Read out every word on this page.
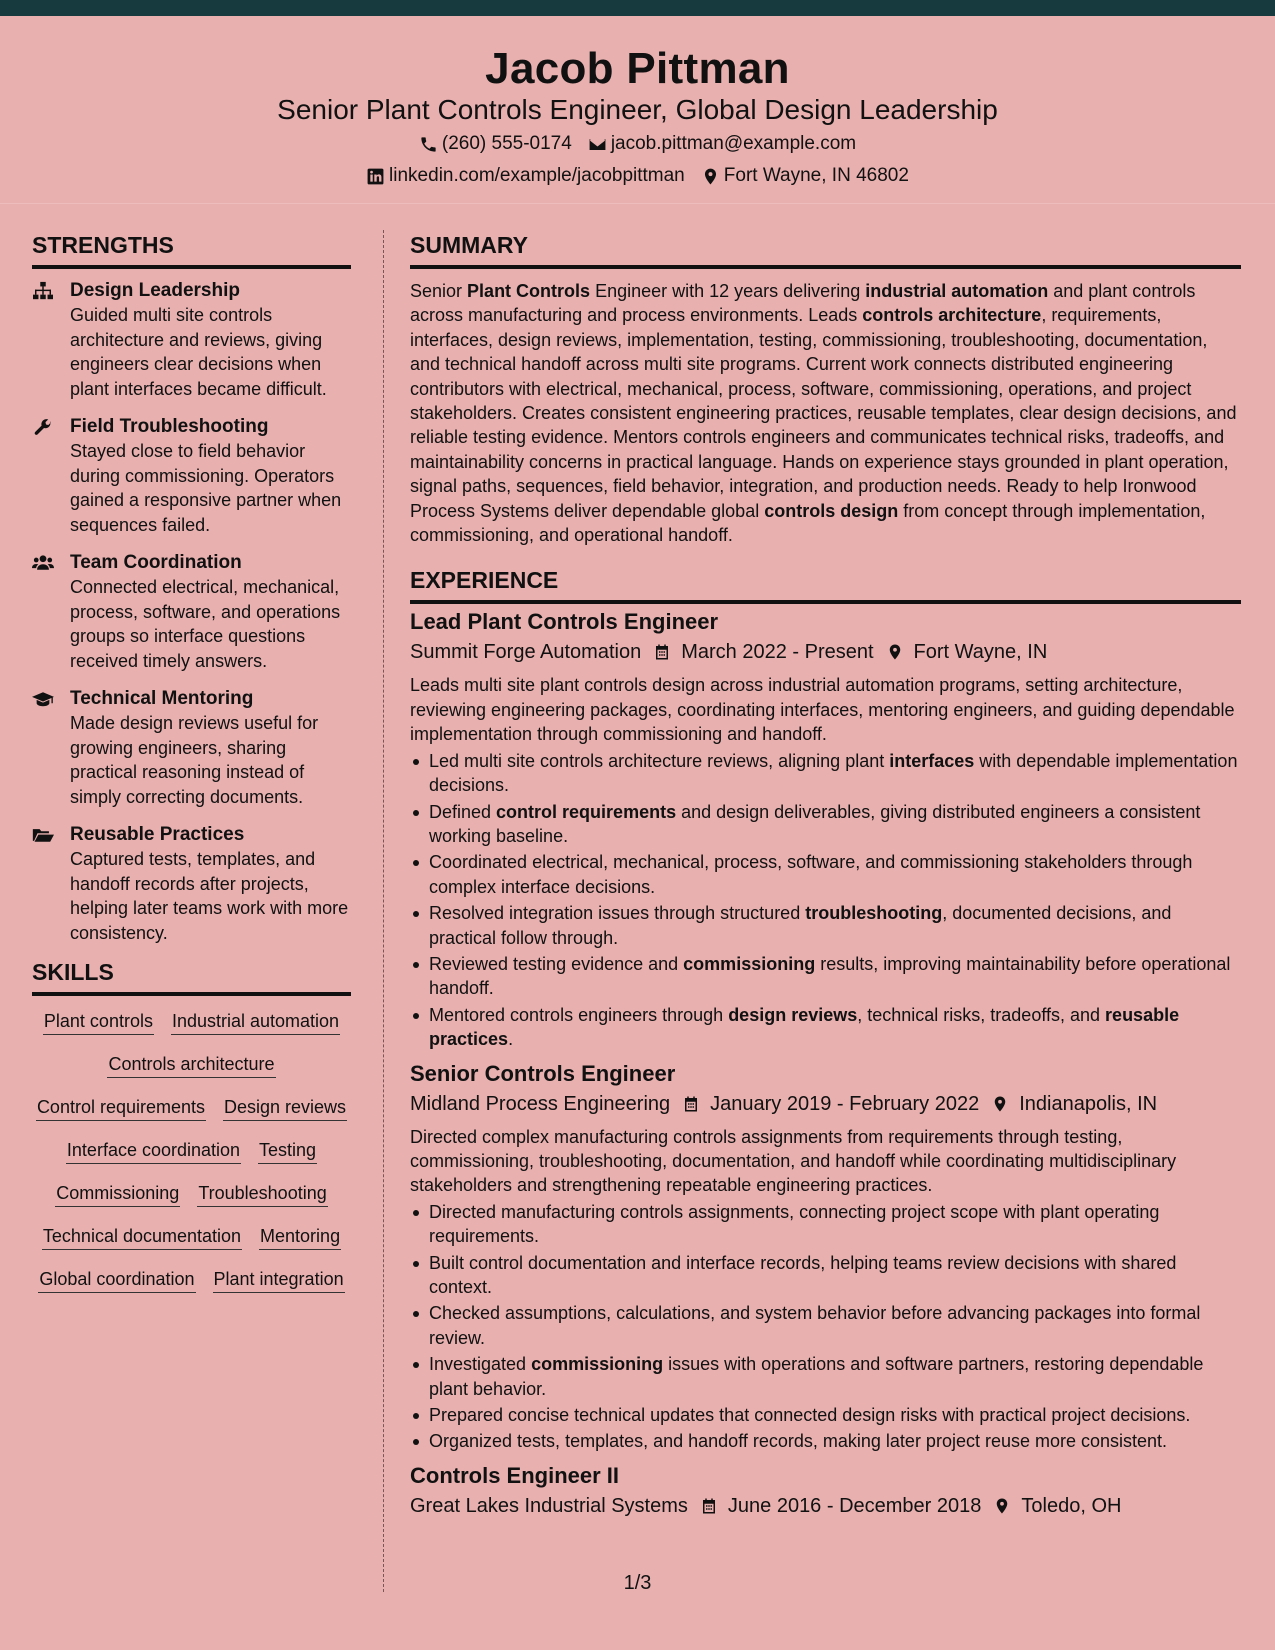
Jacob Pittman
Senior Plant Controls Engineer, Global Design Leadership
(260) 555-0174 jacob.pittman@example.com
linkedin.com/example/jacobpittman Fort Wayne, IN 46802
STRENGTHS
Design Leadership
Guided multi site controls architecture and reviews, giving engineers clear decisions when plant interfaces became difficult.
Field Troubleshooting
Stayed close to field behavior during commissioning. Operators gained a responsive partner when sequences failed.
Team Coordination
Connected electrical, mechanical, process, software, and operations groups so interface questions received timely answers.
Technical Mentoring
Made design reviews useful for growing engineers, sharing practical reasoning instead of simply correcting documents.
Reusable Practices
Captured tests, templates, and handoff records after projects, helping later teams work with more consistency.
SKILLS
Plant controls Industrial automation
Controls architecture
Control requirements Design reviews
Interface coordination Testing
Commissioning Troubleshooting
Technical documentation Mentoring
Global coordination Plant integration
SUMMARY

Senior Plant Controls Engineer with 12 years delivering industrial automation and plant controls across manufacturing and process environments. Leads controls architecture, requirements, interfaces, design reviews, implementation, testing, commissioning, troubleshooting, documentation, and technical handoff across multi site programs. Current work connects distributed engineering contributors with electrical, mechanical, process, software, commissioning, operations, and project stakeholders. Creates consistent engineering practices, reusable templates, clear design decisions, and reliable testing evidence. Mentors controls engineers and communicates technical risks, tradeoffs, and maintainability concerns in practical language. Hands on experience stays grounded in plant operation, signal paths, sequences, field behavior, integration, and production needs. Ready to help Ironwood Process Systems deliver dependable global controls design from concept through implementation, commissioning, and operational handoff.

EXPERIENCE
Lead Plant Controls Engineer
Summit Forge Automation March 2022 - Present Fort Wayne, IN

Leads multi site plant controls design across industrial automation programs, setting architecture, reviewing engineering packages, coordinating interfaces, mentoring engineers, and guiding dependable implementation through commissioning and handoff.

Led multi site controls architecture reviews, aligning plant interfaces with dependable implementation decisions.
Defined control requirements and design deliverables, giving distributed engineers a consistent working baseline.
Coordinated electrical, mechanical, process, software, and commissioning stakeholders through complex interface decisions.
Resolved integration issues through structured troubleshooting, documented decisions, and practical follow through.
Reviewed testing evidence and commissioning results, improving maintainability before operational handoff.
Mentored controls engineers through design reviews, technical risks, tradeoffs, and reusable practices.
Senior Controls Engineer
Midland Process Engineering January 2019 - February 2022 Indianapolis, IN

Directed complex manufacturing controls assignments from requirements through testing, commissioning, troubleshooting, documentation, and handoff while coordinating multidisciplinary stakeholders and strengthening repeatable engineering practices.

Directed manufacturing controls assignments, connecting project scope with plant operating requirements.
Built control documentation and interface records, helping teams review decisions with shared context.
Checked assumptions, calculations, and system behavior before advancing packages into formal review.
Investigated commissioning issues with operations and software partners, restoring dependable plant behavior.
Prepared concise technical updates that connected design risks with practical project decisions.
Organized tests, templates, and handoff records, making later project reuse more consistent.
Controls Engineer II
Great Lakes Industrial Systems June 2016 - December 2018 Toledo, OH
1/3
